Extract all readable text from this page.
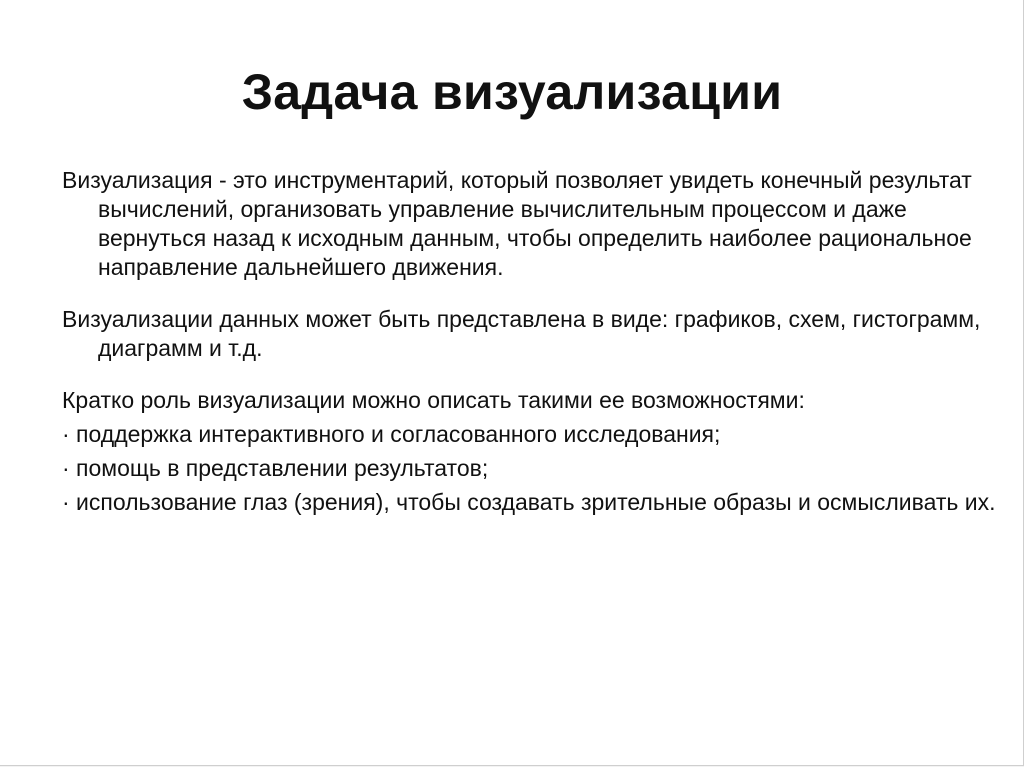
Задача визуализации

Визуализация - это инструментарий, который позволяет увидеть конечный результат вычислений, организовать управление вычислительным процессом и даже вернуться назад к исходным данным, чтобы определить наиболее рациональное направление дальнейшего движения.

Визуализации данных может быть представлена в виде: графиков, схем, гистограмм, диаграмм и т.д.

Кратко роль визуализации можно описать такими ее возможностями:

· поддержка интерактивного и согласованного исследования;

· помощь в представлении результатов;

· использование глаз (зрения), чтобы создавать зрительные образы и осмысливать их.
